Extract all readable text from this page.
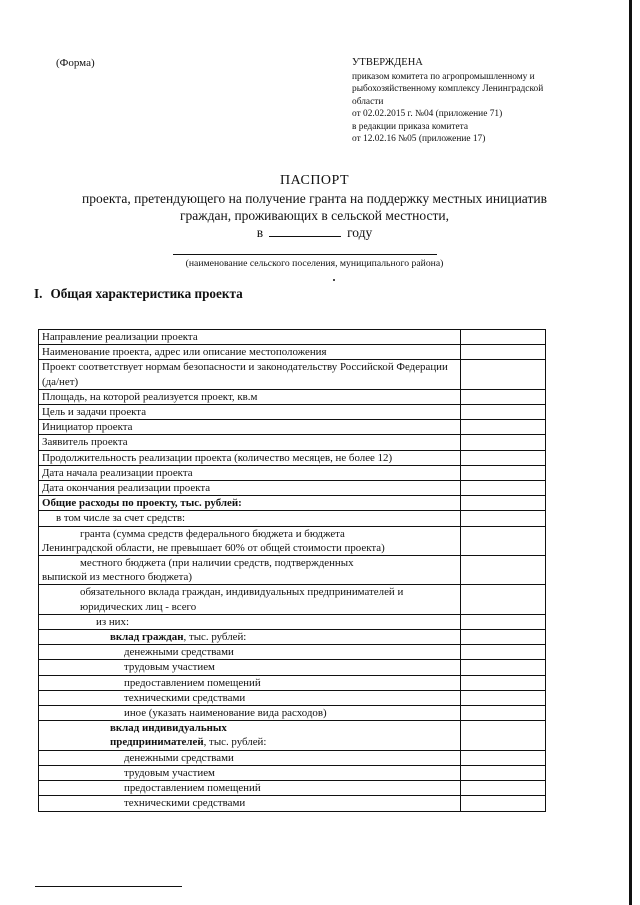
(Форма)	УТВЕРЖДЕНА
приказом комитета по агропромышленному и
рыбохозяйственному комплексу Ленинградской
области
от 02.02.2015 г. №04 (приложение 71)
в редакции приказа комитета
от 12.02.16 №05 (приложение 17)
ПАСПОРТ
проекта, претендующего на получение гранта на поддержку местных инициатив
граждан, проживающих в сельской местности,
в	году
(наименование сельского поселения, муниципального района)
I. Общая характеристика проекта
Направление реализации проекта	

Наименование проекта, адрес или описание местоположения	

Проект соответствует нормам безопасности и законодательству Российской Федерации (да/нет)	

Площадь, на которой реализуется проект, кв.м	

Цель и задачи проекта	

Инициатор проекта	

Заявитель проекта	

Продолжительность реализации проекта (количество месяцев, не более 12)	

Дата начала реализации проекта	

Дата окончания реализации проекта	

Общие расходы по проекту, тыс. рублей:	

в том числе за счет средств:	

гранта (сумма средств федерального бюджета и бюджета
Ленинградской области, не превышает 60% от общей стоимости проекта)	

местного бюджета (при наличии средств, подтвержденных
выпиской из местного бюджета)	

обязательного вклада граждан, индивидуальных предпринимателей и юридических лиц - всего	

из них:	

вклад граждан, тыс. рублей:	

денежными средствами	

трудовым участием	

предоставлением помещений	

техническими средствами	

иное (указать наименование вида расходов)	

вклад индивидуальных
предпринимателей, тыс. рублей:	

денежными средствами	

трудовым участием	

предоставлением помещений	

техническими средствами	
